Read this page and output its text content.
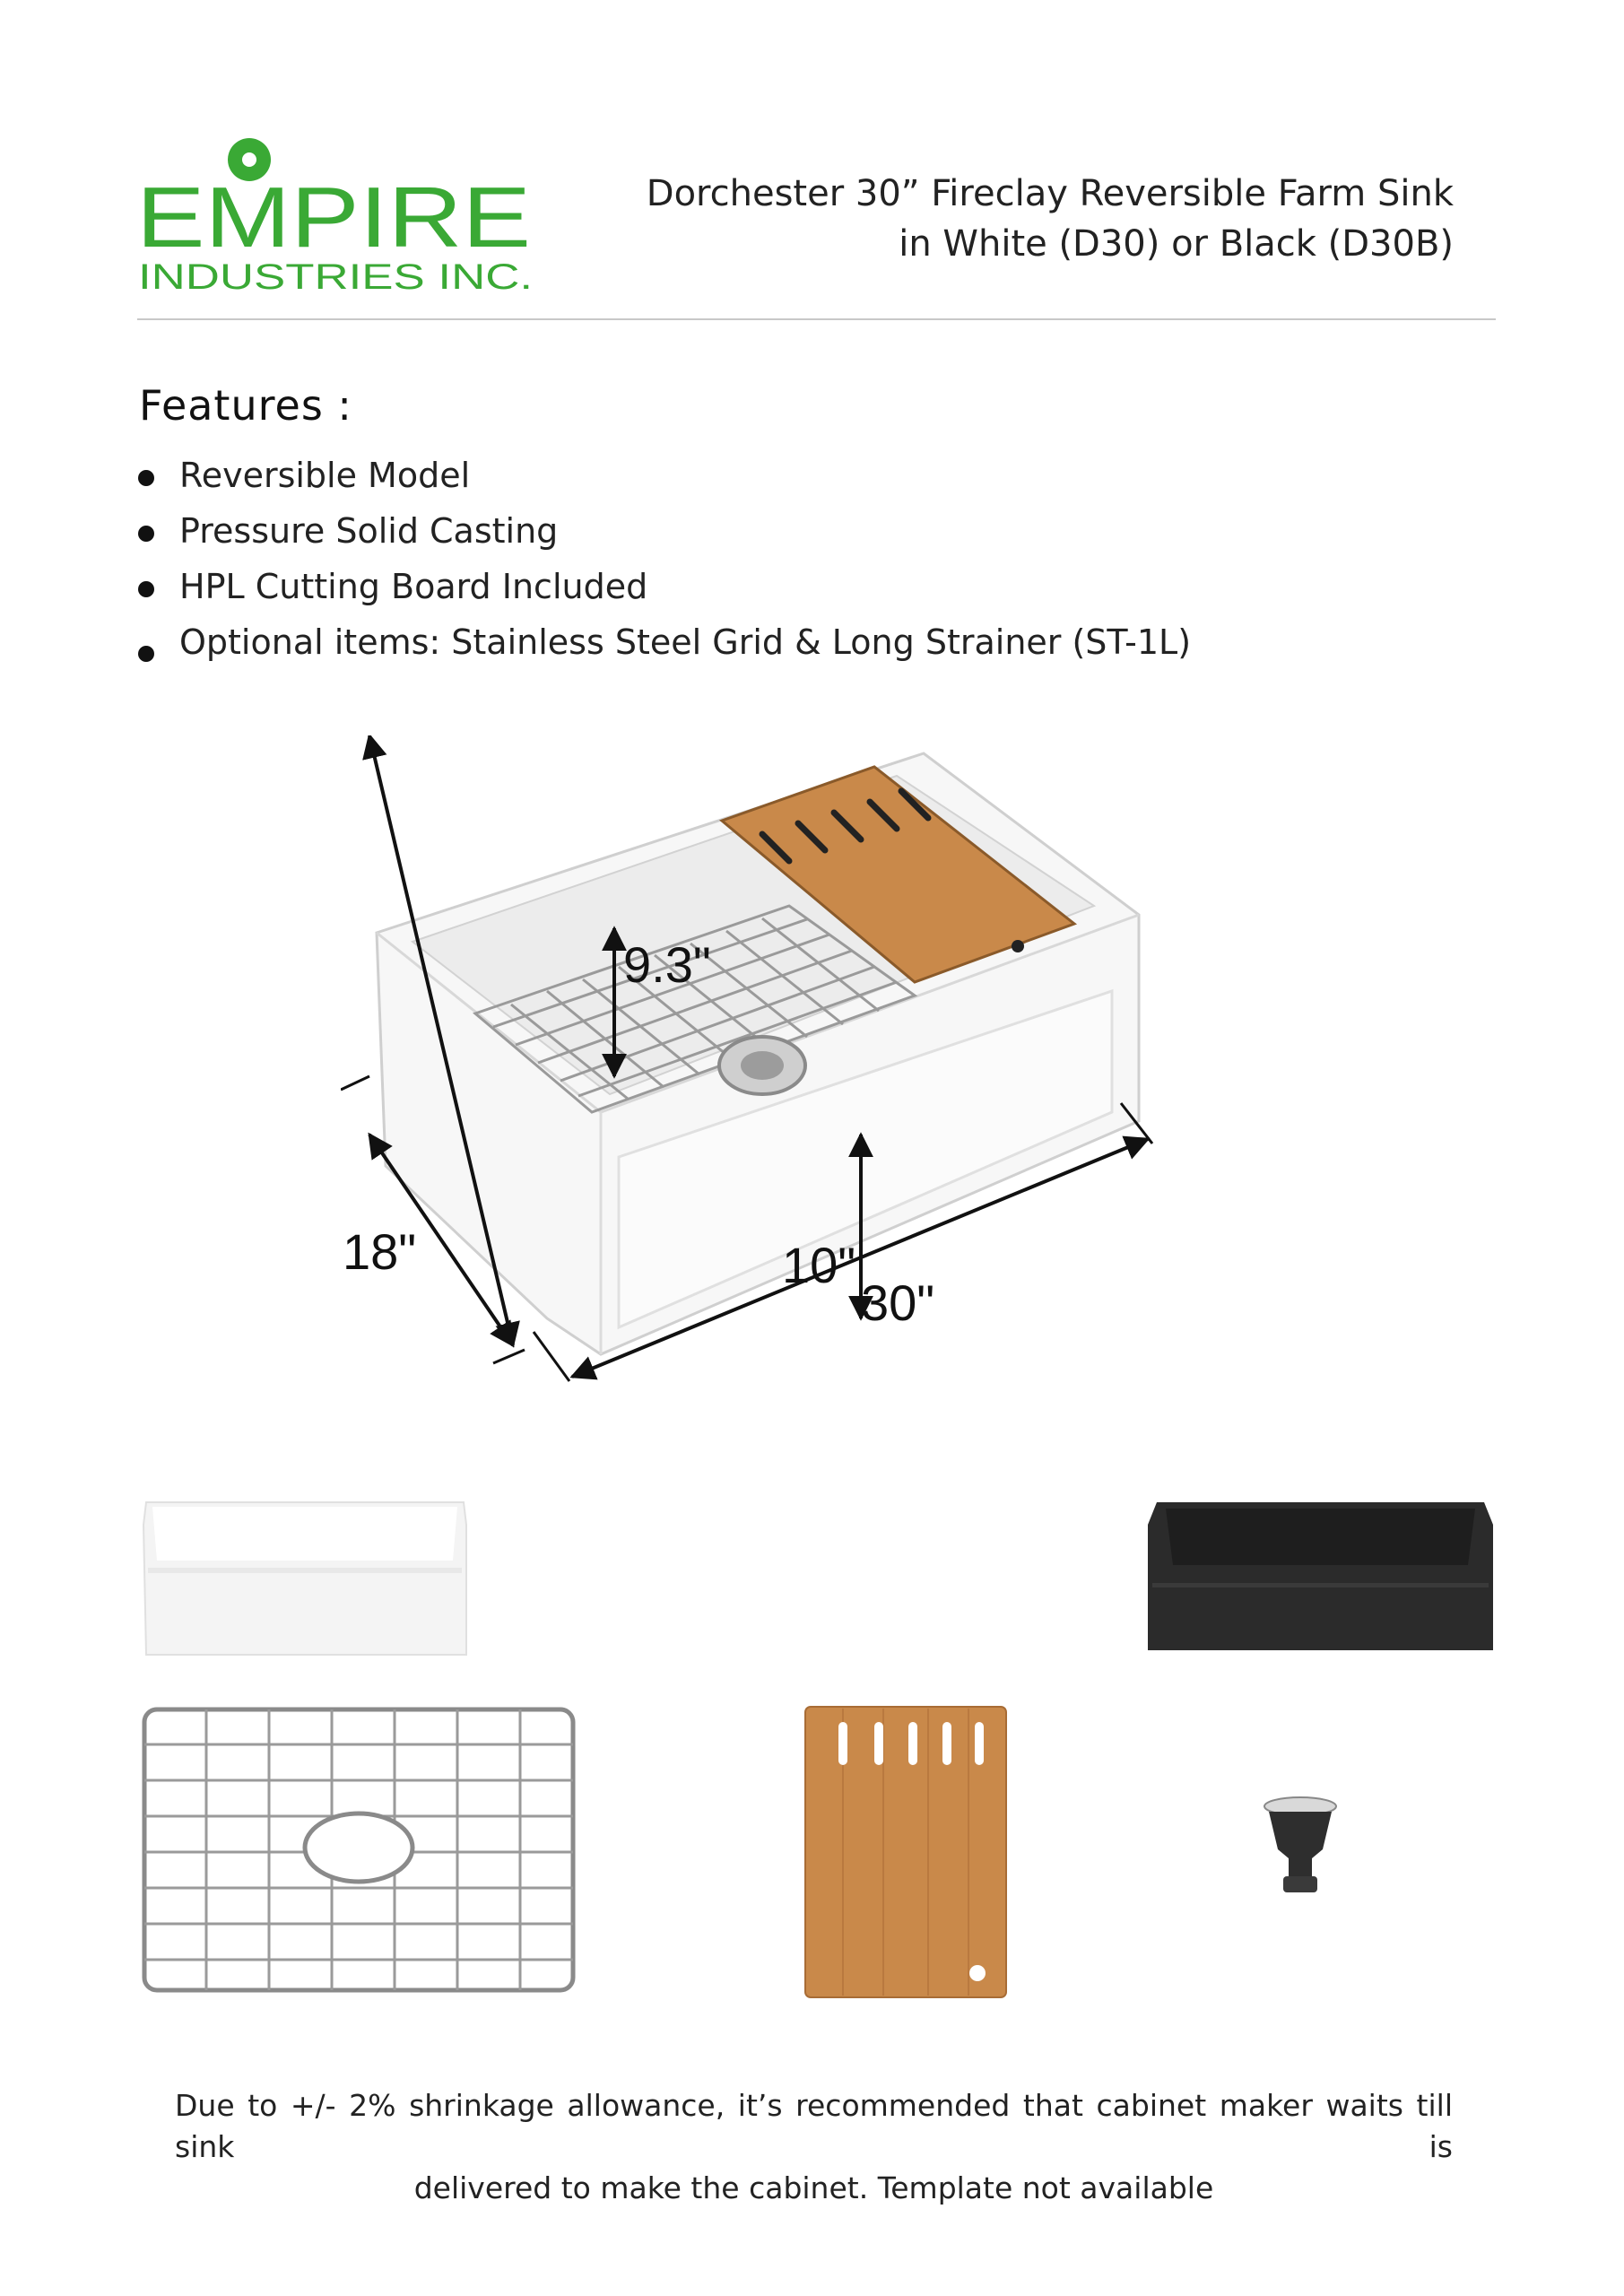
EMPIRE
INDUSTRIES INC.
Dorchester 30” Fireclay Reversible Farm Sink
in White (D30) or Black (D30B)
Features :
Reversible Model
Pressure Solid Casting
HPL Cutting Board Included
Optional items: Stainless Steel Grid & Long Strainer (ST-1L)
9.3"
10"
18"
30"
Due to +/- 2% shrinkage allowance, it’s recommended that cabinet maker waits till sink is
delivered to make the cabinet. Template not available
